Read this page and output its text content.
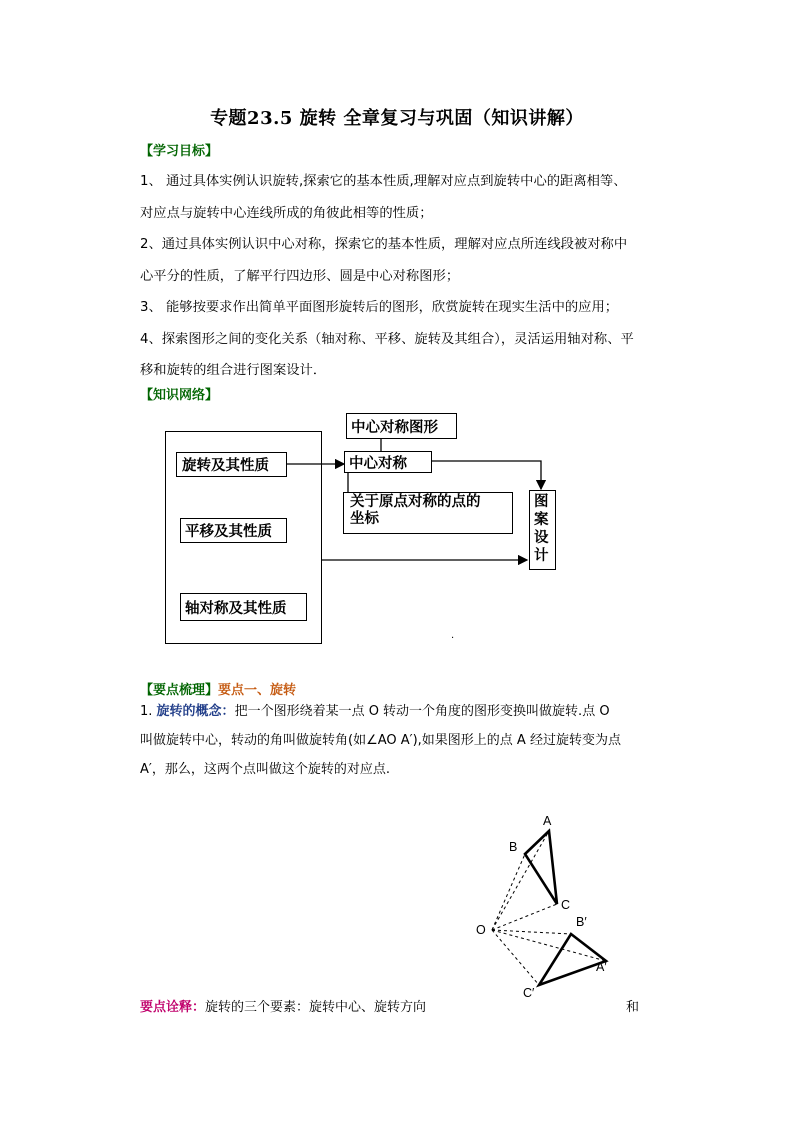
专题23.5 旋转 全章复习与巩固（知识讲解）
【学习目标】
1、 通过具体实例认识旋转,探索它的基本性质,理解对应点到旋转中心的距离相等、
对应点与旋转中心连线所成的角彼此相等的性质；
2、通过具体实例认识中心对称，探索它的基本性质，理解对应点所连线段被对称中
心平分的性质，了解平行四边形、圆是中心对称图形；
3、 能够按要求作出简单平面图形旋转后的图形，欣赏旋转在现实生活中的应用；
4、探索图形之间的变化关系（轴对称、平移、旋转及其组合），灵活运用轴对称、平
移和旋转的组合进行图案设计．
【知识网络】
旋转及其性质
平移及其性质
轴对称及其性质
中心对称图形
中心对称
关于原点对称的点的
坐标
图案设计
.
【要点梳理】要点一、旋转
1. 旋转的概念：把一个图形绕着某一点 O 转动一个角度的图形变换叫做旋转.点 O
叫做旋转中心，转动的角叫做旋转角(如∠AO A′),如果图形上的点 A 经过旋转变为点
A′，那么，这两个点叫做这个旋转的对应点.
A
B
C
O
B′
A′
C′
要点诠释：旋转的三个要素：旋转中心、旋转方向	和
